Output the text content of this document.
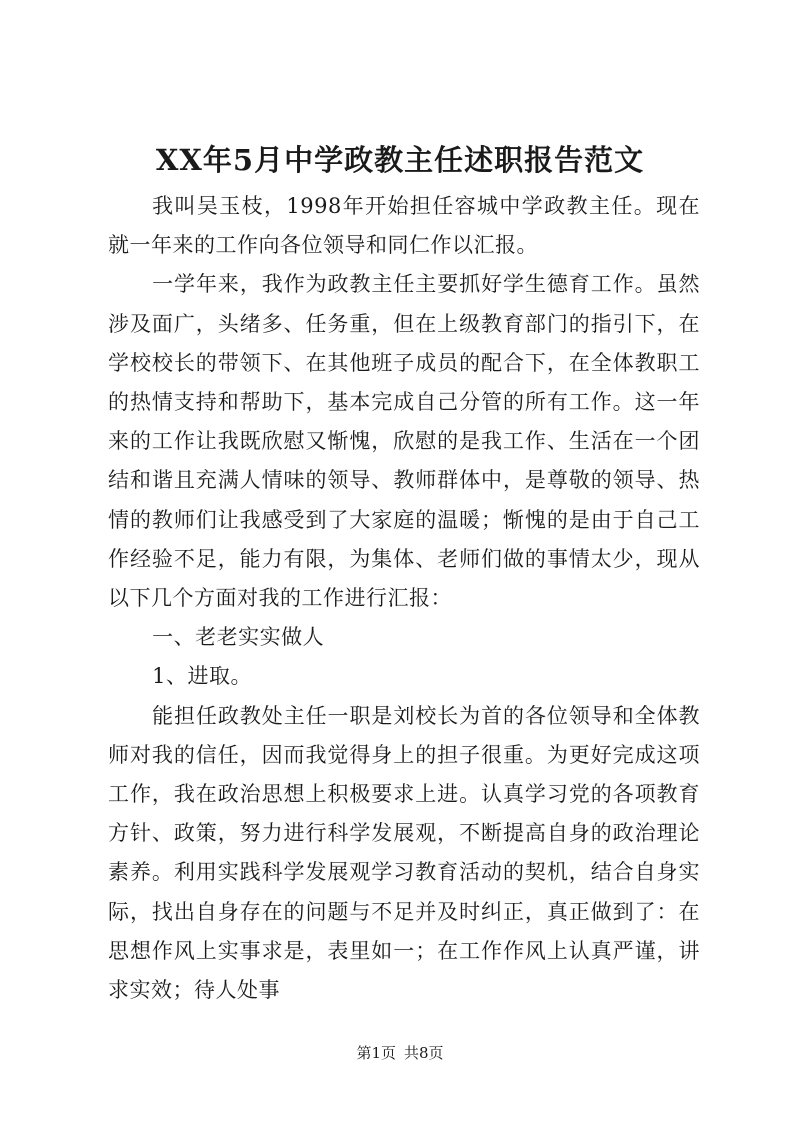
XX年5月中学政教主任述职报告范文

我叫吴玉枝，1998年开始担任容城中学政教主任。现在就一年来的工作向各位领导和同仁作以汇报。

一学年来，我作为政教主任主要抓好学生德育工作。虽然涉及面广，头绪多、任务重，但在上级教育部门的指引下，在学校校长的带领下、在其他班子成员的配合下，在全体教职工的热情支持和帮助下，基本完成自己分管的所有工作。这一年来的工作让我既欣慰又惭愧，欣慰的是我工作、生活在一个团结和谐且充满人情味的领导、教师群体中，是尊敬的领导、热情的教师们让我感受到了大家庭的温暖；惭愧的是由于自己工作经验不足，能力有限，为集体、老师们做的事情太少，现从以下几个方面对我的工作进行汇报：

一、老老实实做人

1、进取。

能担任政教处主任一职是刘校长为首的各位领导和全体教师对我的信任，因而我觉得身上的担子很重。为更好完成这项工作，我在政治思想上积极要求上进。认真学习党的各项教育方针、政策，努力进行科学发展观，不断提高自身的政治理论素养。利用实践科学发展观学习教育活动的契机，结合自身实际，找出自身存在的问题与不足并及时纠正，真正做到了：在思想作风上实事求是，表里如一；在工作作风上认真严谨，讲求实效；待人处事

第1页 共8页
